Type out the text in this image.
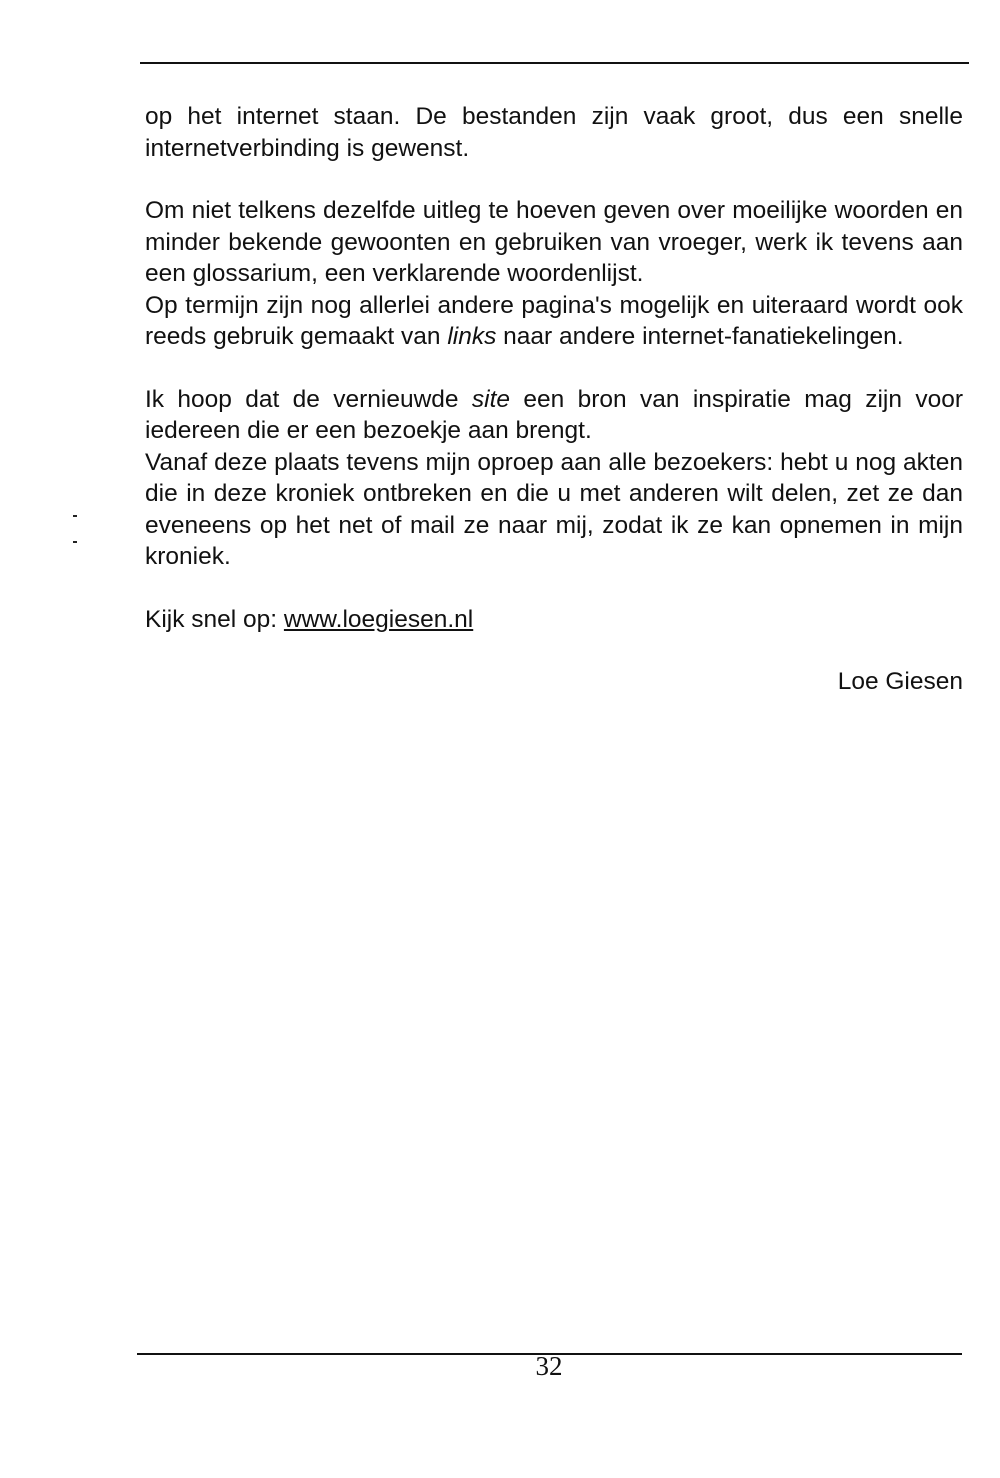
op het internet staan. De bestanden zijn vaak groot, dus een snelle internetverbinding is gewenst.

Om niet telkens dezelfde uitleg te hoeven geven over moeilijke woorden en minder bekende gewoonten en gebruiken van vroeger, werk ik tevens aan een glossarium, een verklarende woordenlijst.

Op termijn zijn nog allerlei andere pagina's mogelijk en uiteraard wordt ook reeds gebruik gemaakt van links naar andere internet-fanatiekelingen.

Ik hoop dat de vernieuwde site een bron van inspiratie mag zijn voor iedereen die er een bezoekje aan brengt.

Vanaf deze plaats tevens mijn oproep aan alle bezoekers: hebt u nog akten die in deze kroniek ontbreken en die u met anderen wilt delen, zet ze dan eveneens op het net of mail ze naar mij, zodat ik ze kan opnemen in mijn kroniek.

Kijk snel op: www.loegiesen.nl

Loe Giesen

32
